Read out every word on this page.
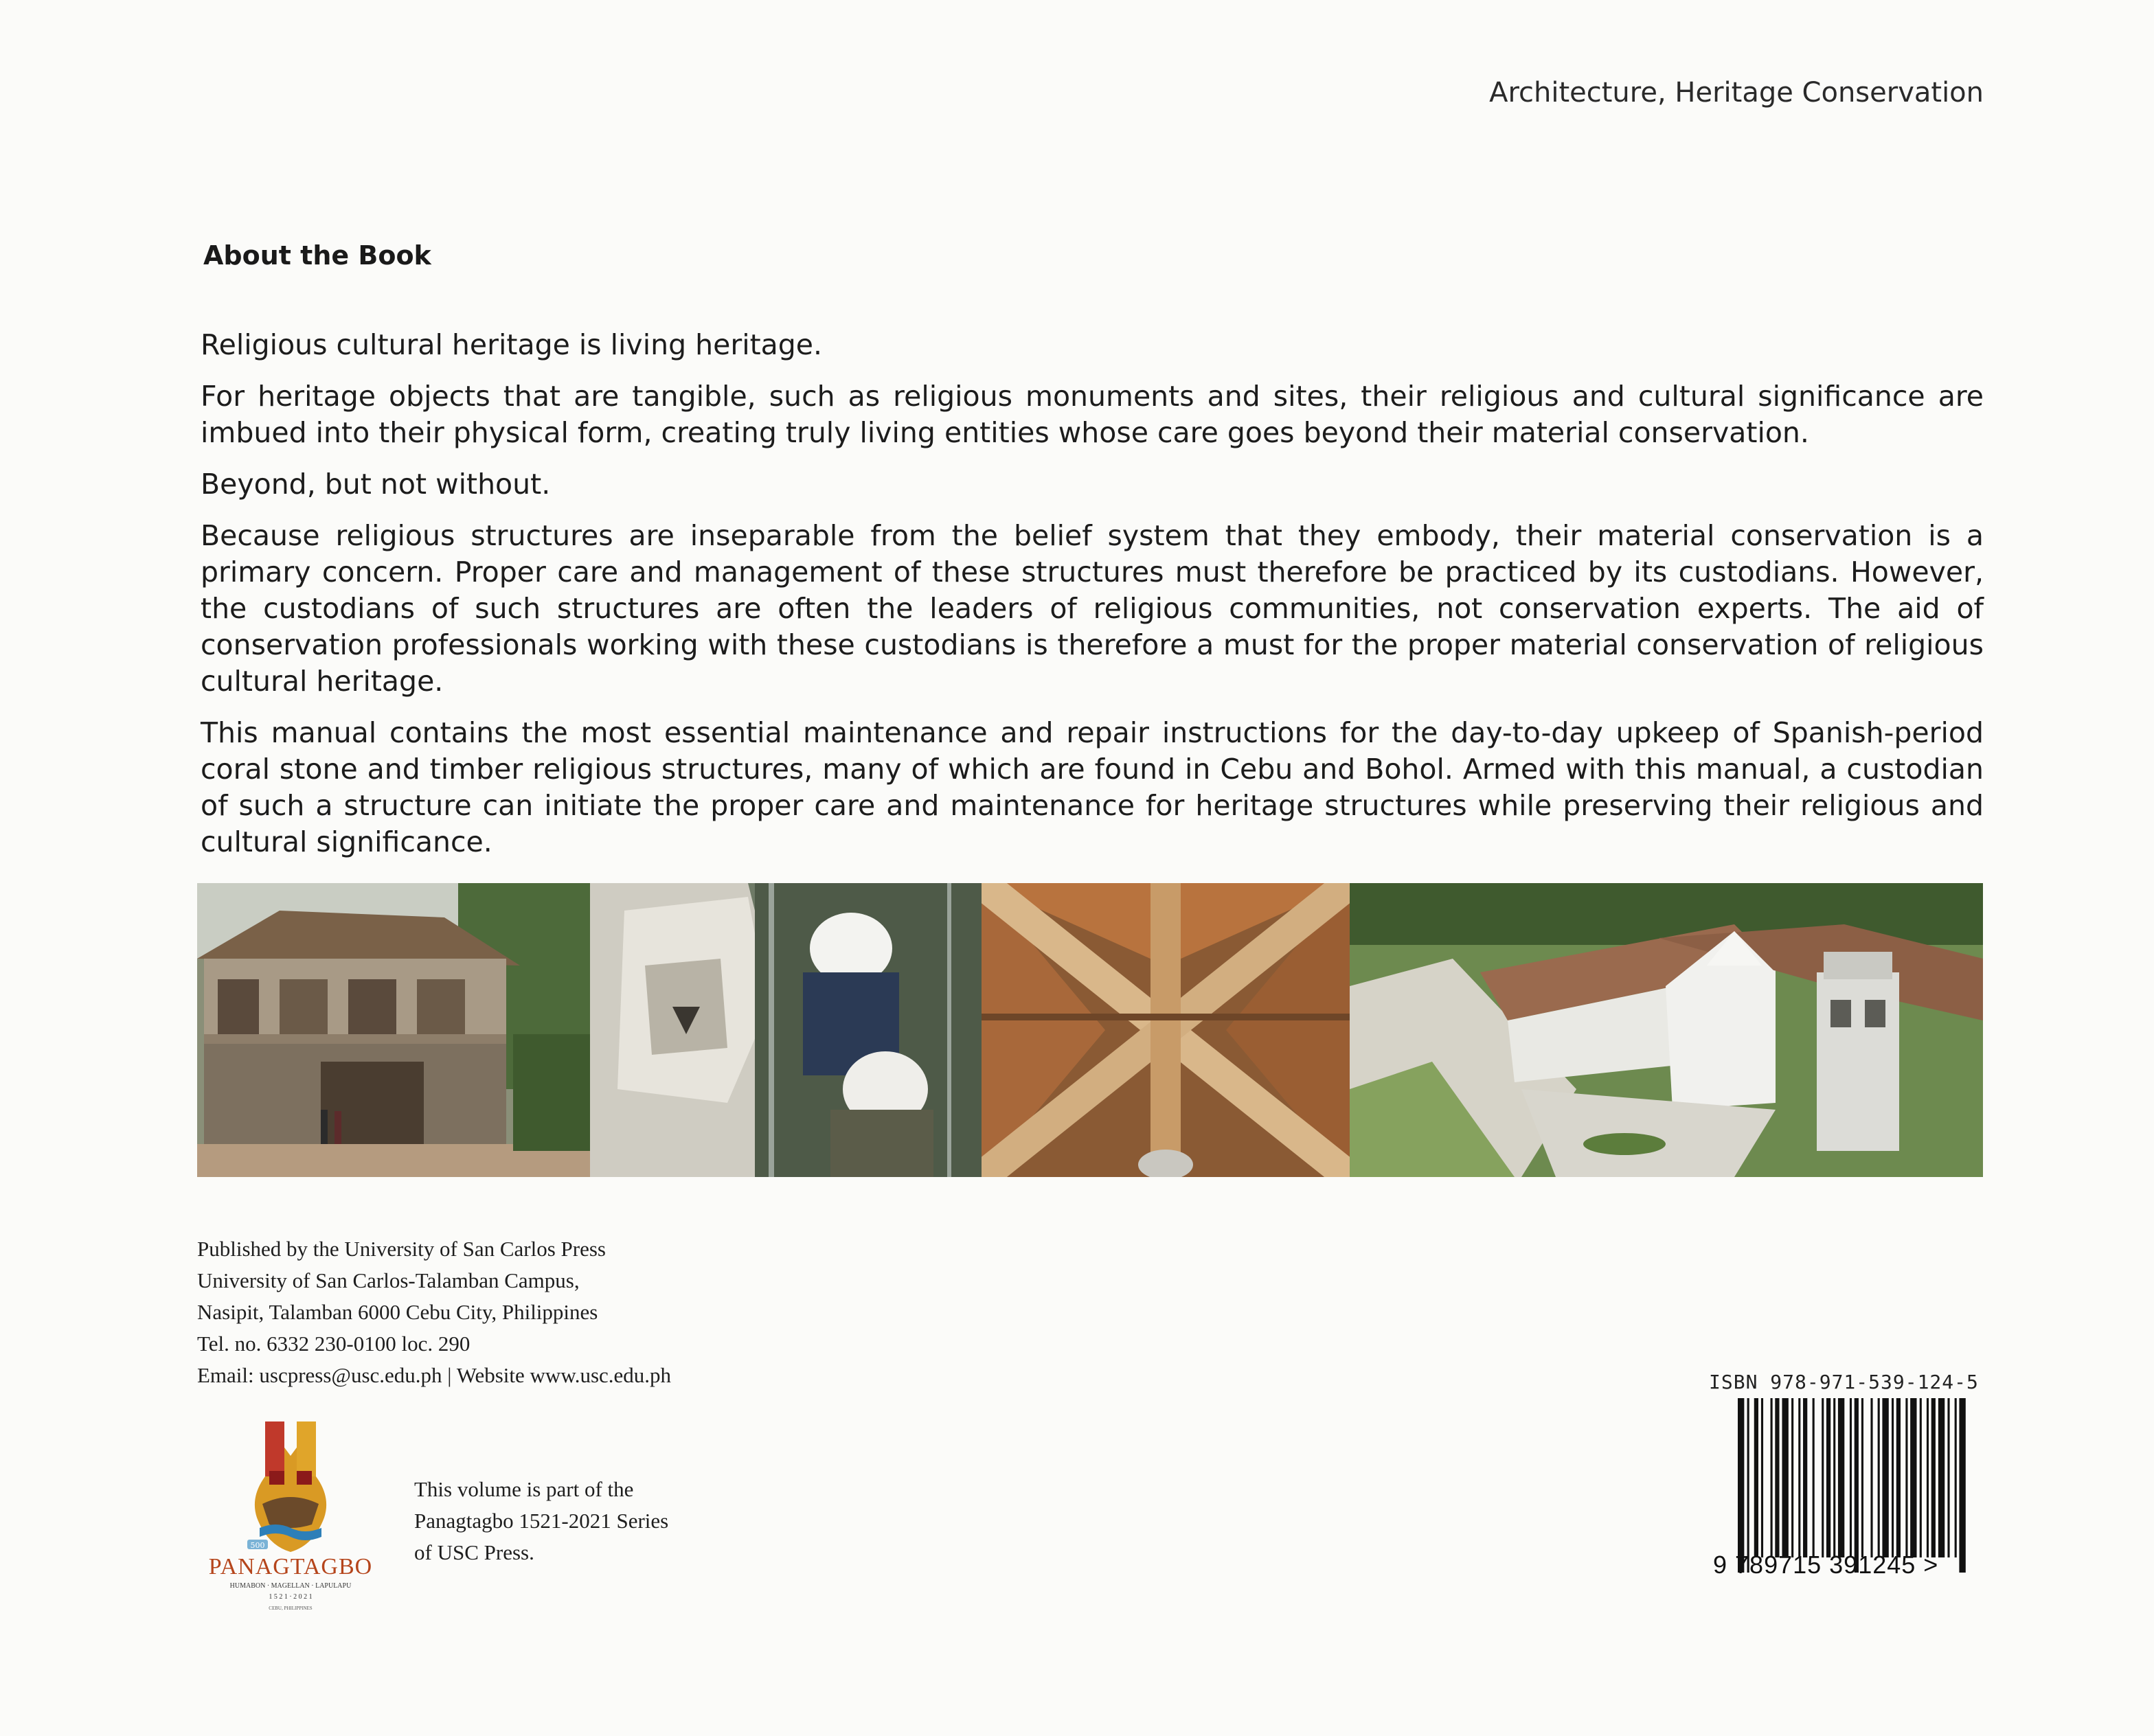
Architecture, Heritage Conservation
About the Book

Religious cultural heritage is living heritage.

For heritage objects that are tangible, such as religious monuments and sites, their religious and cultural significance are imbued into their physical form, creating truly living entities whose care goes beyond their material conservation.

Beyond, but not without.

Because religious structures are inseparable from the belief system that they embody, their material conservation is a primary concern. Proper care and management of these structures must therefore be practiced by its custodians. However, the custodians of such structures are often the leaders of religious communities, not conservation experts. The aid of conservation professionals working with these custodians is therefore a must for the proper material conservation of religious cultural heritage.

This manual contains the most essential maintenance and repair instructions for the day-to-day upkeep of Spanish-period coral stone and timber religious structures, many of which are found in Cebu and Bohol. Armed with this manual, a custodian of such a structure can initiate the proper care and maintenance for heritage structures while preserving their religious and cultural significance.

Published by the University of San Carlos Press
University of San Carlos-Talamban Campus,
Nasipit, Talamban 6000 Cebu City, Philippines
Tel. no. 6332 230-0100 loc. 290
Email: uscpress@usc.edu.ph | Website www.usc.edu.ph
500
PANAGTAGBO
HUMABON · MAGELLAN · LAPULAPU
1 5 2 1 · 2 0 2 1
CEBU, PHILIPPINES
This volume is part of the
Panagtagbo 1521-2021 Series
of USC Press.
ISBN 978-971-539-124-5
9 789715 391245 >
